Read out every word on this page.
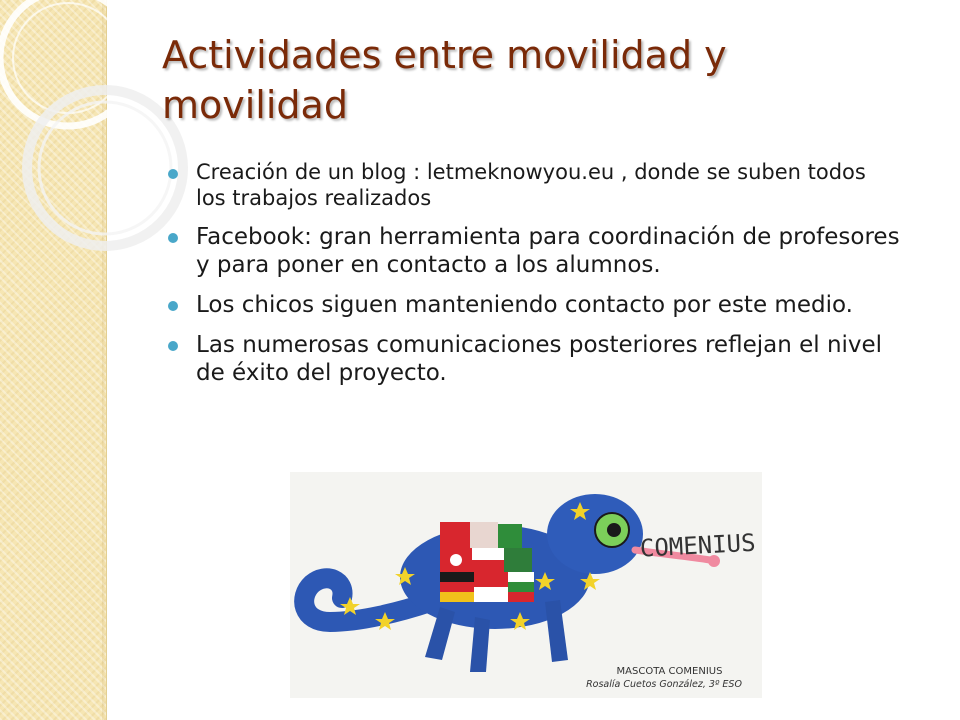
Actividades entre movilidad y movilidad
Creación de un blog : letmeknowyou.eu , donde se suben todos los trabajos realizados
Facebook: gran herramienta para coordinación de profesores y para poner en contacto a los alumnos.
Los chicos siguen manteniendo contacto por este medio.
Las numerosas comunicaciones posteriores reflejan el nivel de éxito del proyecto.
COMENIUS
MASCOTA COMENIUS
Rosalía Cuetos González, 3º ESO
